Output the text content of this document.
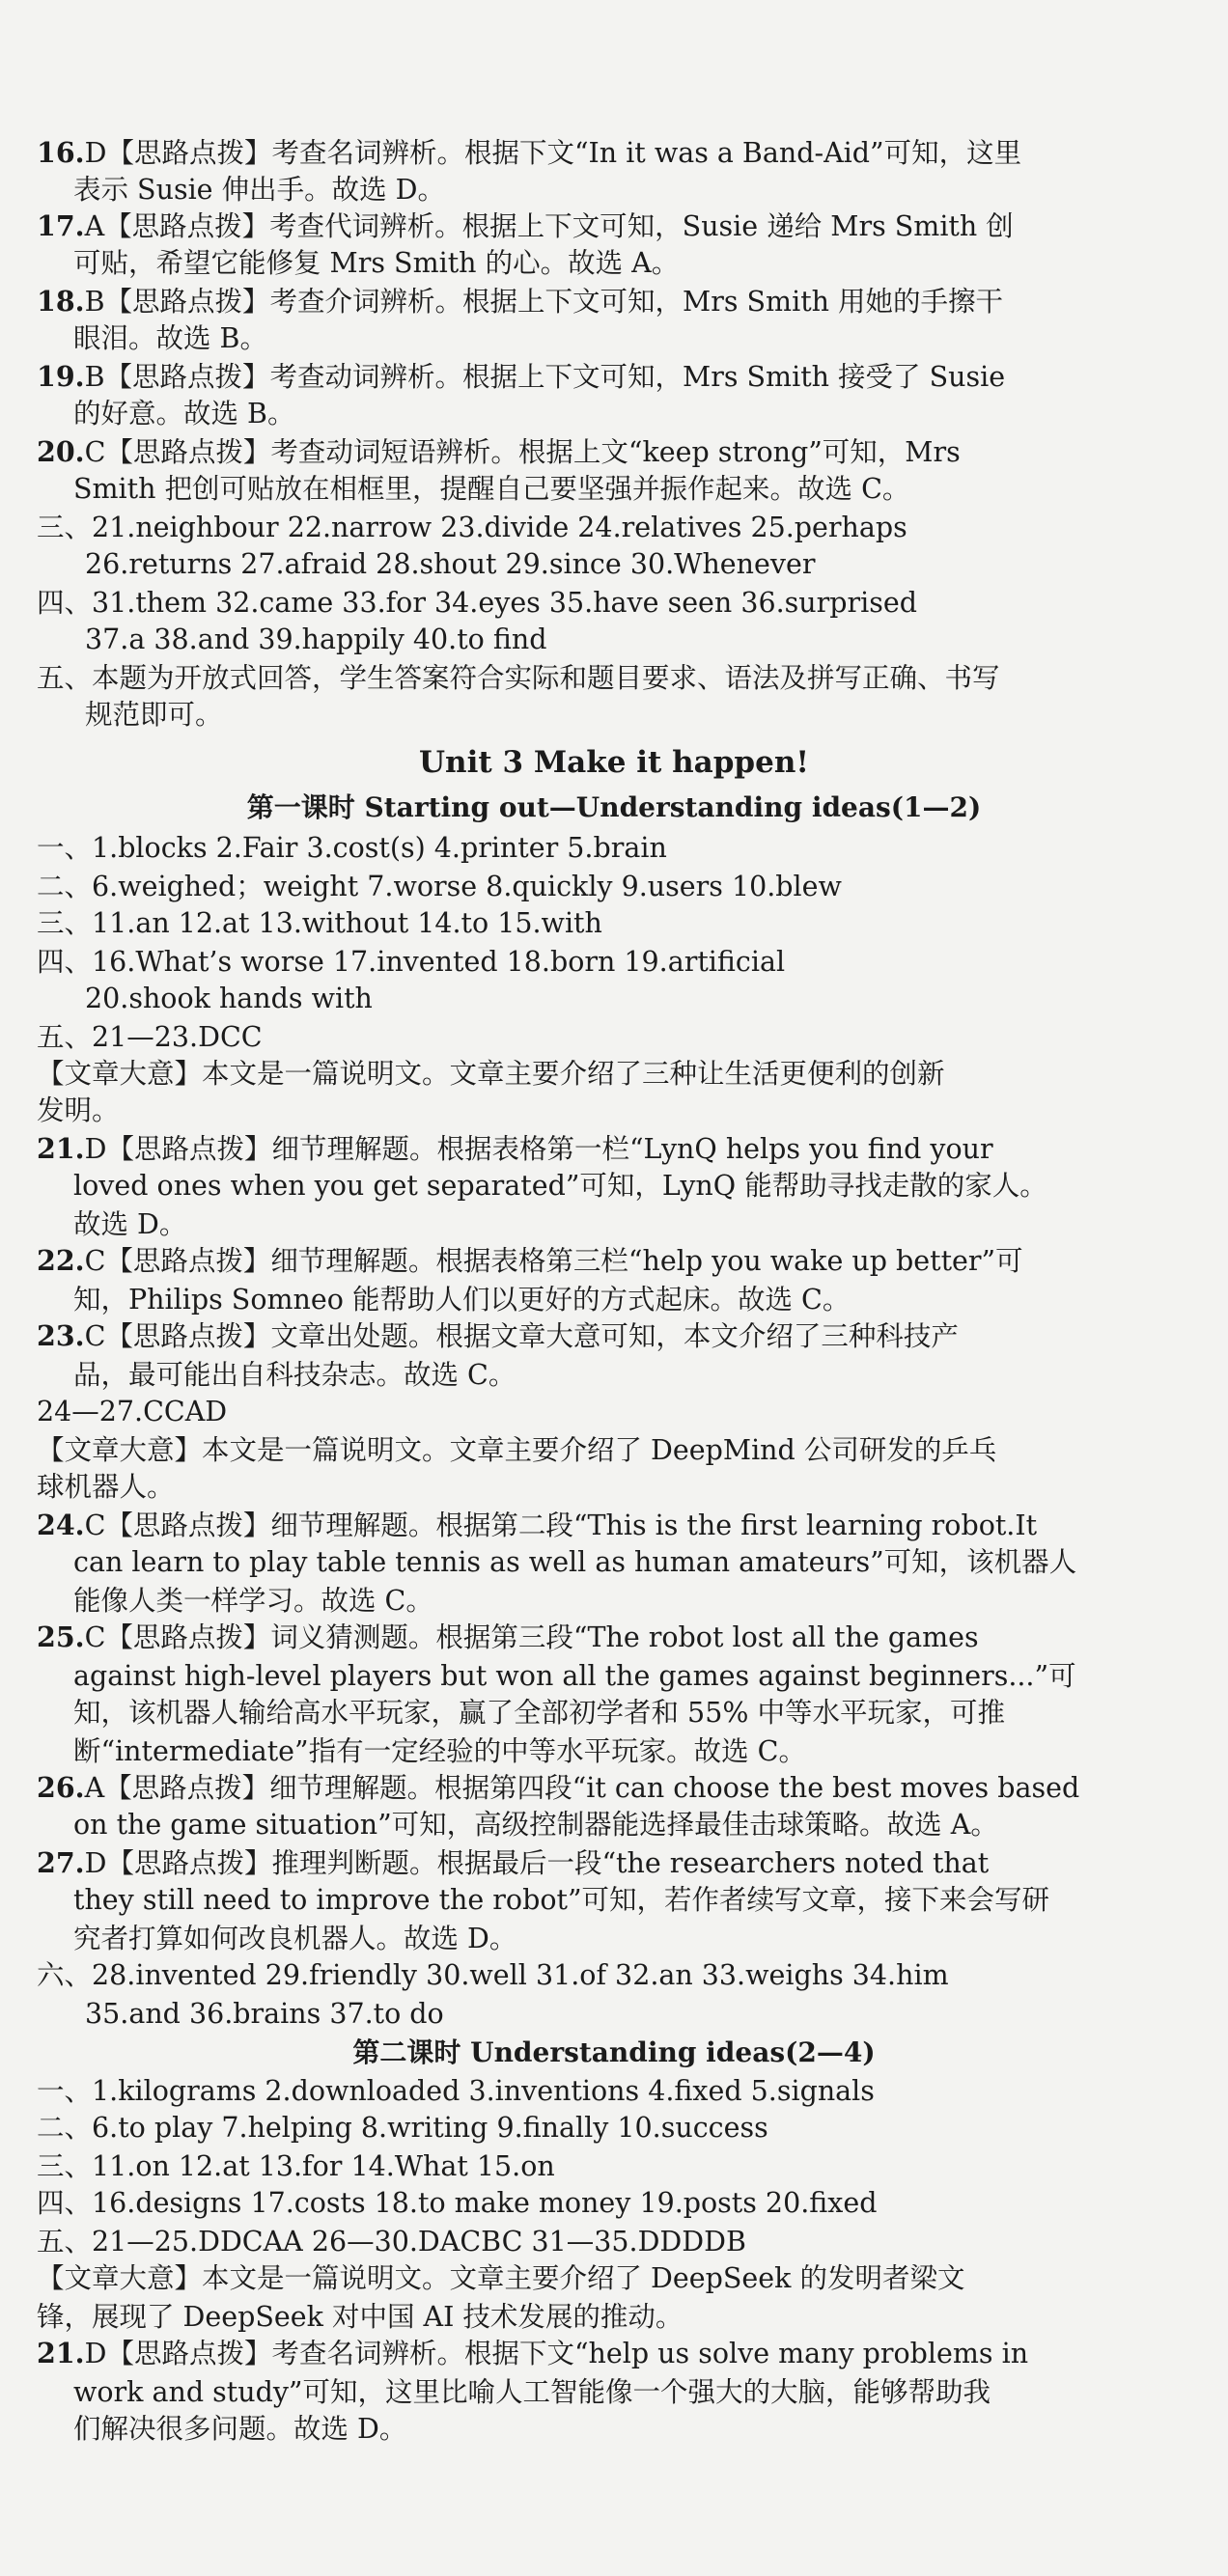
16.D【思路点拨】考查名词辨析。根据下文“In it was a Band-Aid”可知，这里
表示 Susie 伸出手。故选 D。
17.A【思路点拨】考查代词辨析。根据上下文可知，Susie 递给 Mrs Smith 创
可贴，希望它能修复 Mrs Smith 的心。故选 A。
18.B【思路点拨】考查介词辨析。根据上下文可知，Mrs Smith 用她的手擦干
眼泪。故选 B。
19.B【思路点拨】考查动词辨析。根据上下文可知，Mrs Smith 接受了 Susie
的好意。故选 B。
20.C【思路点拨】考查动词短语辨析。根据上文“keep strong”可知，Mrs
Smith 把创可贴放在相框里，提醒自己要坚强并振作起来。故选 C。
三、21.neighbour 22.narrow 23.divide 24.relatives 25.perhaps
26.returns 27.afraid 28.shout 29.since 30.Whenever
四、31.them 32.came 33.for 34.eyes 35.have seen 36.surprised
37.a 38.and 39.happily 40.to find
五、本题为开放式回答，学生答案符合实际和题目要求、语法及拼写正确、书写
规范即可。
Unit 3 Make it happen!
第一课时 Starting out—Understanding ideas(1—2)
一、1.blocks 2.Fair 3.cost(s) 4.printer 5.brain
二、6.weighed；weight 7.worse 8.quickly 9.users 10.blew
三、11.an 12.at 13.without 14.to 15.with
四、16.What’s worse 17.invented 18.born 19.artificial
20.shook hands with
五、21—23.DCC
【文章大意】本文是一篇说明文。文章主要介绍了三种让生活更便利的创新
发明。
21.D【思路点拨】细节理解题。根据表格第一栏“LynQ helps you find your
loved ones when you get separated”可知，LynQ 能帮助寻找走散的家人。
故选 D。
22.C【思路点拨】细节理解题。根据表格第三栏“help you wake up better”可
知，Philips Somneo 能帮助人们以更好的方式起床。故选 C。
23.C【思路点拨】文章出处题。根据文章大意可知，本文介绍了三种科技产
品，最可能出自科技杂志。故选 C。
24—27.CCAD
【文章大意】本文是一篇说明文。文章主要介绍了 DeepMind 公司研发的乒乓
球机器人。
24.C【思路点拨】细节理解题。根据第二段“This is the first learning robot.It
can learn to play table tennis as well as human amateurs”可知，该机器人
能像人类一样学习。故选 C。
25.C【思路点拨】词义猜测题。根据第三段“The robot lost all the games
against high-level players but won all the games against beginners...”可
知，该机器人输给高水平玩家，赢了全部初学者和 55% 中等水平玩家，可推
断“intermediate”指有一定经验的中等水平玩家。故选 C。
26.A【思路点拨】细节理解题。根据第四段“it can choose the best moves based
on the game situation”可知，高级控制器能选择最佳击球策略。故选 A。
27.D【思路点拨】推理判断题。根据最后一段“the researchers noted that
they still need to improve the robot”可知，若作者续写文章，接下来会写研
究者打算如何改良机器人。故选 D。
六、28.invented 29.friendly 30.well 31.of 32.an 33.weighs 34.him
35.and 36.brains 37.to do
第二课时 Understanding ideas(2—4)
一、1.kilograms 2.downloaded 3.inventions 4.fixed 5.signals
二、6.to play 7.helping 8.writing 9.finally 10.success
三、11.on 12.at 13.for 14.What 15.on
四、16.designs 17.costs 18.to make money 19.posts 20.fixed
五、21—25.DDCAA 26—30.DACBC 31—35.DDDDB
【文章大意】本文是一篇说明文。文章主要介绍了 DeepSeek 的发明者梁文
锋，展现了 DeepSeek 对中国 AI 技术发展的推动。
21.D【思路点拨】考查名词辨析。根据下文“help us solve many problems in
work and study”可知，这里比喻人工智能像一个强大的大脑，能够帮助我
们解决很多问题。故选 D。
